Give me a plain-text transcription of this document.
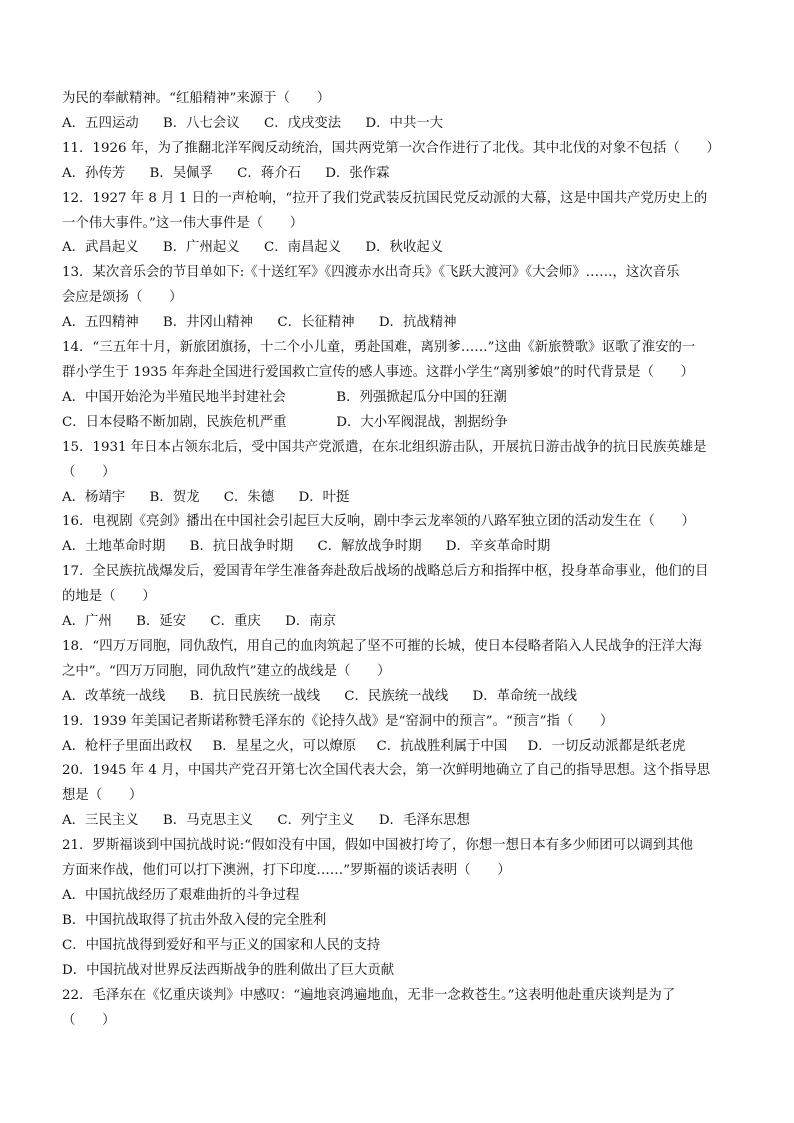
为民的奉献精神。“红船精神”来源于（　　）
A．五四运动 B．八七会议 C．戊戌变法 D．中共一大
11．1926 年，为了推翻北洋军阀反动统治，国共两党第一次合作进行了北伐。其中北伐的对象不包括（　　）
A．孙传芳 B．吴佩孚 C．蒋介石 D．张作霖
12．1927 年 8 月 1 日的一声枪响，“拉开了我们党武装反抗国民党反动派的大幕，这是中国共产党历史上的
一个伟大事件。”这一伟大事件是（　　）
A．武昌起义 B．广州起义 C．南昌起义 D．秋收起义
13．某次音乐会的节目单如下:《十送红军》《四渡赤水出奇兵》《飞跃大渡河》《大会师》……，这次音乐
会应是颂扬（　　）
A．五四精神 B．井冈山精神 C．长征精神 D．抗战精神
14．“三五年十月，新旅团旗扬，十二个小儿童，勇赴国难，离别爹……”这曲《新旅赞歌》讴歌了淮安的一
群小学生于 1935 年奔赴全国进行爱国救亡宣传的感人事迹。这群小学生“离别爹娘”的时代背景是（　　）
A．中国开始沦为半殖民地半封建社会	B．列强掀起瓜分中国的狂潮
C．日本侵略不断加剧，民族危机严重	D．大小军阀混战，割据纷争
15．1931 年日本占领东北后，受中国共产党派遣，在东北组织游击队，开展抗日游击战争的抗日民族英雄是
（　　）
A．杨靖宇 B．贺龙 C．朱德 D．叶挺
16．电视剧《亮剑》播出在中国社会引起巨大反响，剧中李云龙率领的八路军独立团的活动发生在（　　）
A．土地革命时期 B．抗日战争时期 C．解放战争时期 D．辛亥革命时期
17．全民族抗战爆发后，爱国青年学生准备奔赴敌后战场的战略总后方和指挥中枢，投身革命事业，他们的目
的地是（　　）
A．广州 B．延安 C．重庆 D．南京
18．“四万万同胞，同仇敌忾，用自己的血肉筑起了坚不可摧的长城，使日本侵略者陷入人民战争的汪洋大海
之中”。“四万万同胞，同仇敌忾”建立的战线是（　　）
A．改革统一战线 B．抗日民族统一战线 C．民族统一战线 D．革命统一战线
19．1939 年美国记者斯诺称赞毛泽东的《论持久战》是“窑洞中的预言”。“预言”指（　　）
A．枪杆子里面出政权 B．星星之火，可以燎原 C．抗战胜利属于中国 D．一切反动派都是纸老虎
20．1945 年 4 月，中国共产党召开第七次全国代表大会，第一次鲜明地确立了自己的指导思想。这个指导思
想是（　　）
A．三民主义 B．马克思主义 C．列宁主义 D．毛泽东思想
21．罗斯福谈到中国抗战时说:“假如没有中国，假如中国被打垮了，你想一想日本有多少师团可以调到其他
方面来作战，他们可以打下澳洲，打下印度……”罗斯福的谈话表明（　　）
A．中国抗战经历了艰难曲折的斗争过程
B．中国抗战取得了抗击外敌入侵的完全胜利
C．中国抗战得到爱好和平与正义的国家和人民的支持
D．中国抗战对世界反法西斯战争的胜利做出了巨大贡献
22．毛泽东在《忆重庆谈判》中感叹：“遍地哀鸿遍地血，无非一念救苍生。”这表明他赴重庆谈判是为了
（　　）
